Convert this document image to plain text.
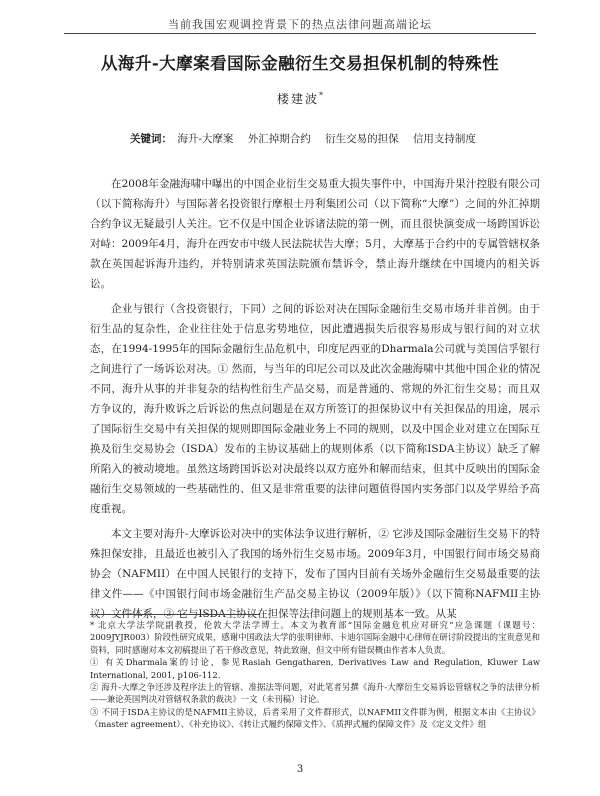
当前我国宏观调控背景下的热点法律问题高端论坛
从海升-大摩案看国际金融衍生交易担保机制的特殊性
楼建波*
关键词： 海升-大摩案 外汇掉期合约 衍生交易的担保 信用支持制度

在2008年金融海啸中曝出的中国企业衍生交易重大损失事件中，中国海升果汁控股有限公司（以下简称海升）与国际著名投资银行摩根士丹利集团公司（以下简称“大摩”）之间的外汇掉期合约争议无疑最引人关注。它不仅是中国企业诉诸法院的第一例，而且很快演变成一场跨国诉讼对峙：2009年4月，海升在西安市中级人民法院状告大摩；5月，大摩基于合约中的专属管辖权条款在英国起诉海升违约，并特别请求英国法院颁布禁诉令，禁止海升继续在中国境内的相关诉讼。

企业与银行（含投资银行，下同）之间的诉讼对决在国际金融衍生交易市场并非首例。由于衍生品的复杂性，企业往往处于信息劣势地位，因此遭遇损失后很容易形成与银行间的对立状态，在1994-1995年的国际金融衍生品危机中，印度尼西亚的Dharmala公司就与美国信孚银行之间进行了一场诉讼对决。① 然而，与当年的印尼公司以及此次金融海啸中其他中国企业的情况不同，海升从事的并非复杂的结构性衍生产品交易，而是普通的、常规的外汇衍生交易；而且双方争议的，海升败诉之后诉讼的焦点问题是在双方所签订的担保协议中有关担保品的用途，展示了国际衍生交易中有关担保的规则即国际金融业务上不同的规则，以及中国企业对建立在国际互换及衍生交易协会（ISDA）发布的主协议基础上的规则体系（以下简称ISDA主协议）缺乏了解所陷入的被动境地。虽然这场跨国诉讼对决最终以双方庭外和解而结束，但其中反映出的国际金融衍生交易领域的一些基础性的、但又是非常重要的法律问题值得国内实务部门以及学界给予高度重视。

本文主要对海升-大摩诉讼对决中的实体法争议进行解析，② 它涉及国际金融衍生交易下的特殊担保安排，且最近也被引入了我国的场外衍生交易市场。2009年3月，中国银行间市场交易商协会（NAFMII）在中国人民银行的支持下，发布了国内目前有关场外金融衍生交易最重要的法律文件——《中国银行间市场金融衍生产品交易主协议（2009年版）》（以下简称NAFMII主协议）文件体系，③ 它与ISDA主协议在担保等法律问题上的规则基本一致。从某

* 北京大学法学院副教授，伦敦大学法学博士。本文为教育部“国际金融危机应对研究”应急课题（课题号：2009JYJR003）阶段性研究成果，感谢中国政法大学的张明律师、卡迪尔国际金融中心律师在研讨阶段提出的宝贵意见和资料，同时感谢对本文初稿提出了若干修改意见，特此致谢，但文中所有错误概由作者本人负责。

① 有关Dharmala案的讨论，参见Rasiah Gengatharen, Derivatives Law and Regulation, Kluwer Law International, 2001, p106-112.

② 海升-大摩之争还涉及程序法上的管辖、准据法等问题，对此笔者另撰《海升-大摩衍生交易诉讼管辖权之争的法律分析——兼论英国判决对管辖权条款的裁决》一文（未刊稿）讨论。

③ 不同于ISDA主协议的是NAFMII主协议，后者采用了文件群形式，以NAFMII文件群为例，根据文本由《主协议》（master agreement）、《补充协议》、《转让式履约保障文件》、《质押式履约保障文件》及《定义文件》组

3
